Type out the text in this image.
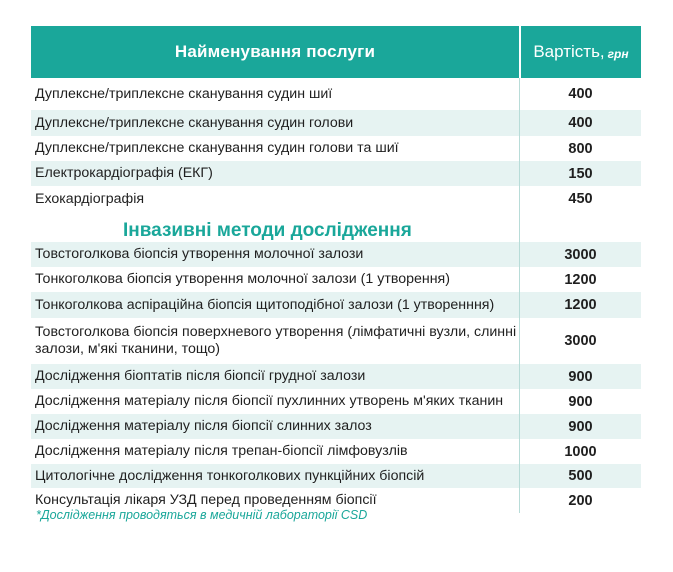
Найменування послуги	Вартість, грн
Дуплексне/триплексне сканування судин шиї	400
Дуплексне/триплексне сканування судин голови	400
Дуплексне/триплексне сканування судин голови та шиї	800
Електрокардіографія (ЕКГ)	150
Ехокардіографія	450
Інвазивні методи дослідження
Товстоголкова біопсія утворення молочної залози	3000
Тонкоголкова біопсія утворення молочної залози (1 утворення)	1200
Тонкоголкова аспіраційна біопсія щитоподібної залози (1 утворенння)	1200
Товстоголкова біопсія поверхневого утворення (лімфатичні вузли, слинні залози, м'які тканини, тощо)	3000
Дослідження біоптатів після біопсії грудної залози	900
Дослідження матеріалу після біопсії пухлинних утворень м'яких тканин	900
Дослідження матеріалу після біопсії слинних залоз	900
Дослідження матеріалу після трепан-біопсії лімфовузлів	1000
Цитологічне дослідження тонкоголкових пункційних біопсій	500
Консультація лікаря УЗД перед проведенням біопсії	200
*Дослідження проводяться в медичній лабораторії CSD
